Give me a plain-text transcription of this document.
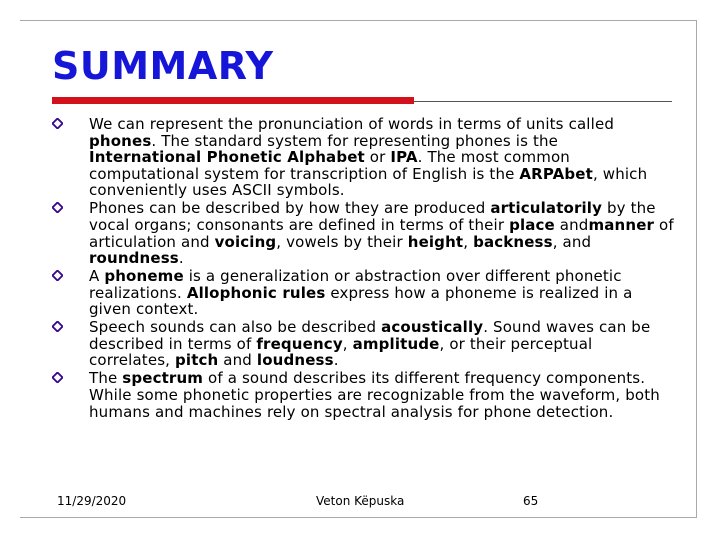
SUMMARY
We can represent the pronunciation of words in terms of units called phones. The standard system for representing phones is the International Phonetic Alphabet or IPA. The most common computational system for transcription of English is the ARPAbet, which conveniently uses ASCII symbols.
Phones can be described by how they are produced articulatorily by the vocal organs; consonants are defined in terms of their place andmanner of articulation and voicing, vowels by their height, backness, and roundness.
A phoneme is a generalization or abstraction over different phonetic realizations. Allophonic rules express how a phoneme is realized in a given context.
Speech sounds can also be described acoustically. Sound waves can be described in terms of frequency, amplitude, or their perceptual correlates, pitch and loudness.
The spectrum of a sound describes its different frequency components. While some phonetic properties are recognizable from the waveform, both humans and machines rely on spectral analysis for phone detection.
11/29/2020	Veton Këpuska	65
